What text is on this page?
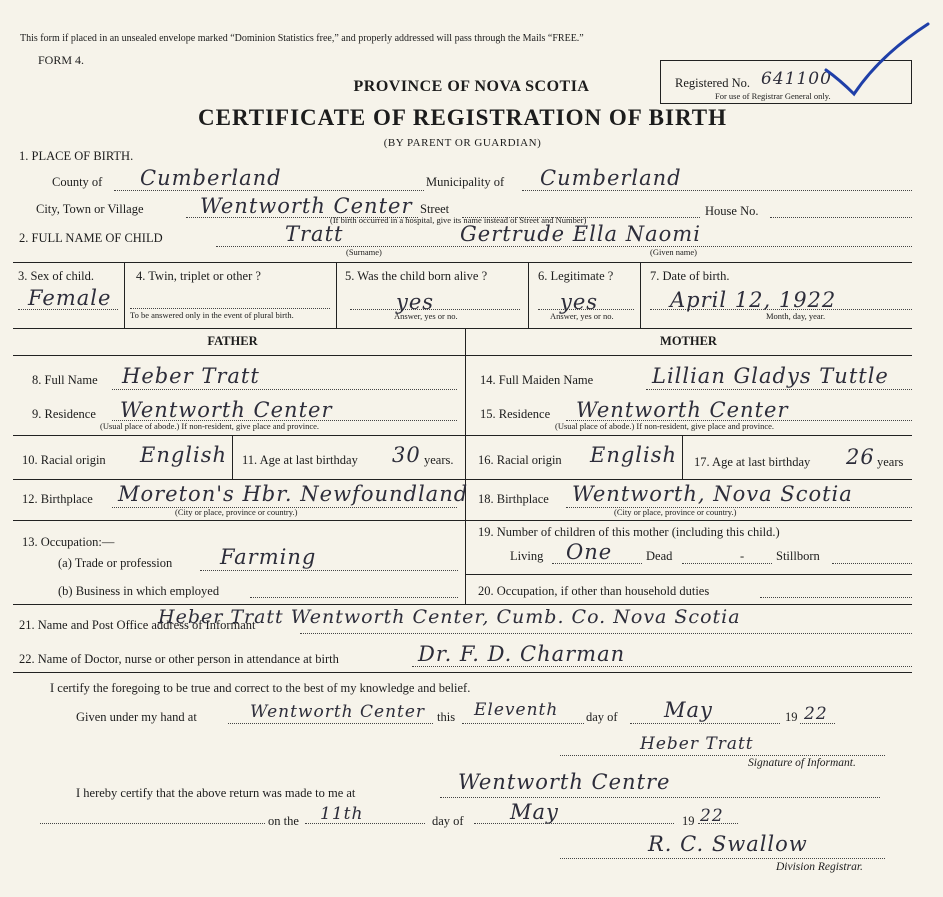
This form if placed in an unsealed envelope marked “Dominion Statistics free,” and properly addressed will pass through the Mails “FREE.”
FORM 4.
Registered No. 641100
For use of Registrar General only.
PROVINCE OF NOVA SCOTIA
CERTIFICATE OF REGISTRATION OF BIRTH
(BY PARENT OR GUARDIAN)
1. PLACE OF BIRTH.
County of Cumberland	Municipality of Cumberland
City, Town or Village	Wentworth Center Street	House No.
(If birth occurred in a hospital, give its name instead of Street and Number)
2. FULL NAME OF CHILD	Tratt	Gertrude Ella Naomi
(Surname)	(Given name)
3. Sex of child.
Female
4. Twin, triplet or other ?
To be answered only in the event of plural birth.
5. Was the child born alive ?
yes
Answer, yes or no.
6. Legitimate ?
yes
Answer, yes or no.
7. Date of birth.
April 12, 1922
Month, day, year.
FATHER	MOTHER
8. Full Name Heber Tratt
9. Residence Wentworth Center
(Usual place of abode.) If non-resident, give place and province.
10. Racial origin English 11. Age at last birthday 30 years.
12. Birthplace Moreton's Hbr. Newfoundland
(City or place, province or country.)
13. Occupation:—
(a) Trade or profession Farming
(b) Business in which employed
14. Full Maiden Name	Lillian Gladys Tuttle
15. Residence Wentworth Center
(Usual place of abode.) If non-resident, give place and province.
16. Racial origin English 17. Age at last birthday 26 years
18. Birthplace Wentworth, Nova Scotia
(City or place, province or country.)
19. Number of children of this mother (including this child.)
Living One	Dead	-	Stillborn
20. Occupation, if other than household duties
21. Name and Post Office address of Informant
Heber Tratt Wentworth Center, Cumb. Co. Nova Scotia
22. Name of Doctor, nurse or other person in attendance at birth	Dr. F. D. Charman
I certify the foregoing to be true and correct to the best of my knowledge and belief.
Given under my hand at	Wentworth Center this Eleventh day of May	19 22
Heber Tratt
Signature of Informant.
I hereby certify that the above return was made to me at	Wentworth Centre
on the 11th	day of May	19 22
R. C. Swallow
Division Registrar.
